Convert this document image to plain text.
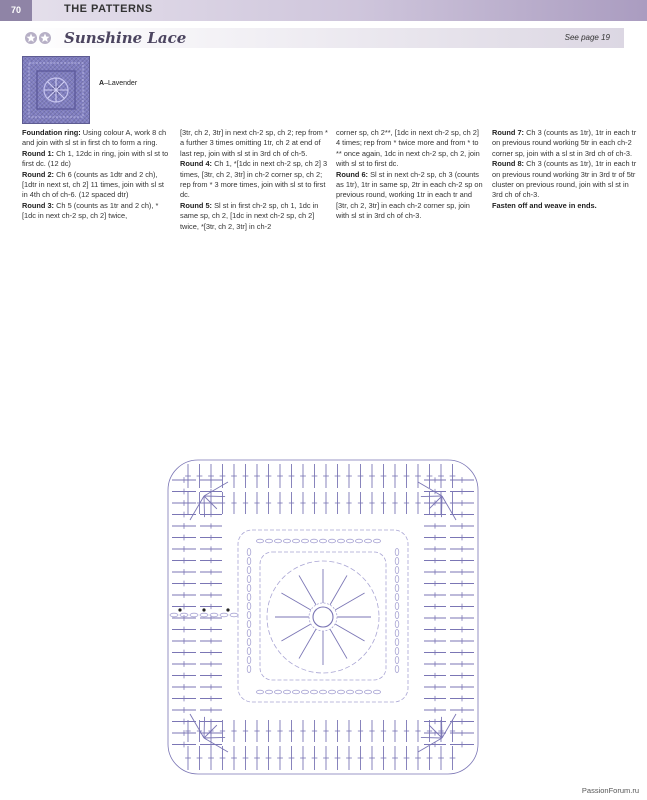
70	THE PATTERNS
Sunshine Lace	See page 19
A–Lavender

Foundation ring: Using colour A, work 8 ch and join with sl st in first ch to form a ring.

Round 1: Ch 1, 12dc in ring, join with sl st to first dc. (12 dc)

Round 2: Ch 6 (counts as 1dtr and 2 ch), [1dtr in next st, ch 2] 11 times, join with sl st in 4th ch of ch-6. (12 spaced dtr)

Round 3: Ch 5 (counts as 1tr and 2 ch), *[1dc in next ch-2 sp, ch 2] twice,

[3tr, ch 2, 3tr] in next ch-2 sp, ch 2; rep from * a further 3 times omitting 1tr, ch 2 at end of last rep, join with sl st in 3rd ch of ch-5.

Round 4: Ch 1, *[1dc in next ch-2 sp, ch 2] 3 times, [3tr, ch 2, 3tr] in ch-2 corner sp, ch 2; rep from * 3 more times, join with sl st to first dc.

Round 5: Sl st in first ch-2 sp, ch 1, 1dc in same sp, ch 2, [1dc in next ch-2 sp, ch 2] twice, *[3tr, ch 2, 3tr] in ch-2

corner sp, ch 2**, [1dc in next ch-2 sp, ch 2] 4 times; rep from * twice more and from * to ** once again, 1dc in next ch-2 sp, ch 2, join with sl st to first dc.

Round 6: Sl st in next ch-2 sp, ch 3 (counts as 1tr), 1tr in same sp, 2tr in each ch-2 sp on previous round, working 1tr in each tr and [3tr, ch 2, 3tr] in each ch-2 corner sp, join with sl st in 3rd ch of ch-3.

Round 7: Ch 3 (counts as 1tr), 1tr in each tr on previous round working 5tr in each ch-2 corner sp, join with a sl st in 3rd ch of ch-3.

Round 8: Ch 3 (counts as 1tr), 1tr in each tr on previous round working 3tr in 3rd tr of 5tr cluster on previous round, join with sl st in 3rd ch of ch-3.

Fasten off and weave in ends.

PassionForum.ru
